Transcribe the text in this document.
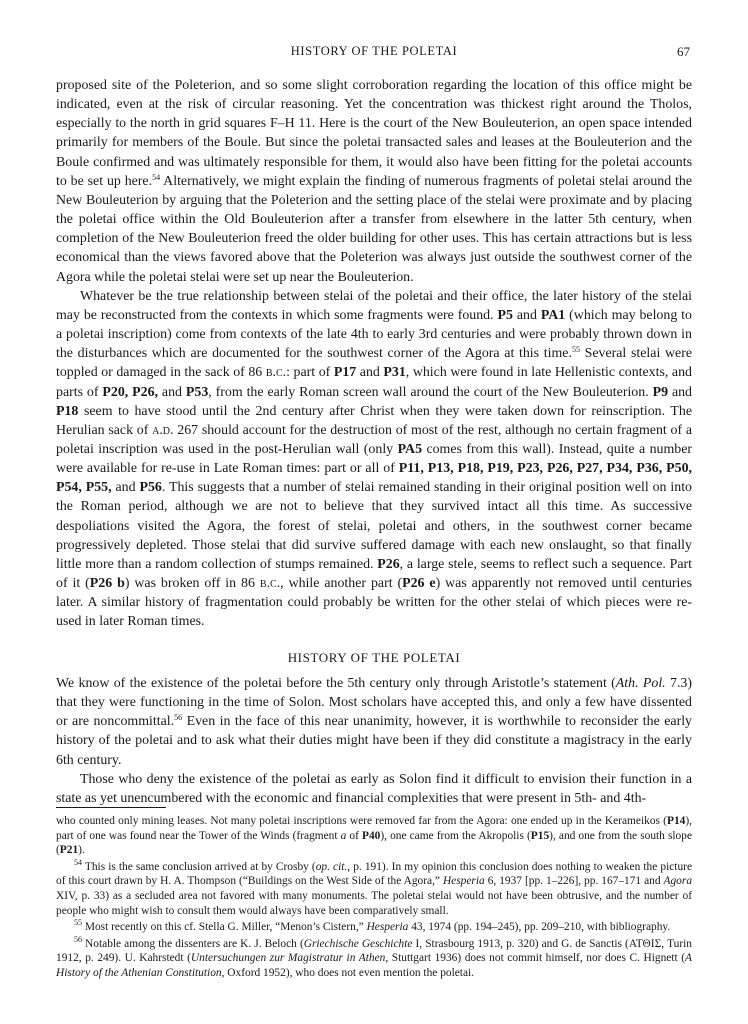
HISTORY OF THE POLETAI	67

proposed site of the Poleterion, and so some slight corroboration regarding the location of this office might be indicated, even at the risk of circular reasoning. Yet the concentration was thickest right around the Tholos, especially to the north in grid squares F–H 11. Here is the court of the New Bouleuterion, an open space intended primarily for members of the Boule. But since the poletai transacted sales and leases at the Bouleuterion and the Boule confirmed and was ultimately responsible for them, it would also have been fitting for the poletai accounts to be set up here.$^{54}$ Alternatively, we might explain the finding of numerous fragments of poletai stelai around the New Bouleuterion by arguing that the Poleterion and the setting place of the stelai were proximate and by placing the poletai office within the Old Bouleuterion after a transfer from elsewhere in the latter 5th century, when completion of the New Bouleuterion freed the older building for other uses. This has certain attractions but is less economical than the views favored above that the Poleterion was always just outside the southwest corner of the Agora while the poletai stelai were set up near the Bouleuterion.

Whatever be the true relationship between stelai of the poletai and their office, the later history of the stelai may be reconstructed from the contexts in which some fragments were found. P5 and PA1 (which may belong to a poletai inscription) come from contexts of the late 4th to early 3rd centuries and were probably thrown down in the disturbances which are documented for the southwest corner of the Agora at this time.$^{55}$ Several stelai were toppled or damaged in the sack of 86 b.c.: part of P17 and P31, which were found in late Hellenistic contexts, and parts of P20, P26, and P53, from the early Roman screen wall around the court of the New Bouleuterion. P9 and P18 seem to have stood until the 2nd century after Christ when they were taken down for reinscription. The Herulian sack of a.d. 267 should account for the destruction of most of the rest, although no certain fragment of a poletai inscription was used in the post-Herulian wall (only PA5 comes from this wall). Instead, quite a number were available for re-use in Late Roman times: part or all of P11, P13, P18, P19, P23, P26, P27, P34, P36, P50, P54, P55, and P56. This suggests that a number of stelai remained standing in their original position well on into the Roman period, although we are not to believe that they survived intact all this time. As successive despoliations visited the Agora, the forest of stelai, poletai and others, in the southwest corner became progressively depleted. Those stelai that did survive suffered damage with each new onslaught, so that finally little more than a random collection of stumps remained. P26, a large stele, seems to reflect such a sequence. Part of it (P26 b) was broken off in 86 b.c., while another part (P26 e) was apparently not removed until centuries later. A similar history of fragmentation could probably be written for the other stelai of which pieces were re-used in later Roman times.

HISTORY OF THE POLETAI

We know of the existence of the poletai before the 5th century only through Aristotle’s statement (Ath. Pol. 7.3) that they were functioning in the time of Solon. Most scholars have accepted this, and only a few have dissented or are noncommittal.$^{56}$ Even in the face of this near unanimity, however, it is worthwhile to reconsider the early history of the poletai and to ask what their duties might have been if they did constitute a magistracy in the early 6th century.

Those who deny the existence of the poletai as early as Solon find it difficult to envision their function in a state as yet unencumbered with the economic and financial complexities that were present in 5th- and 4th-

who counted only mining leases. Not many poletai inscriptions were removed far from the Agora: one ended up in the Kerameikos (P14), part of one was found near the Tower of the Winds (fragment a of P40), one came from the Akropolis (P15), and one from the south slope (P21).

$^{54}$ This is the same conclusion arrived at by Crosby (op. cit., p. 191). In my opinion this conclusion does nothing to weaken the picture of this court drawn by H. A. Thompson (“Buildings on the West Side of the Agora,” Hesperia 6, 1937 [pp. 1–226], pp. 167–171 and Agora XIV, p. 33) as a secluded area not favored with many monuments. The poletai stelai would not have been obtrusive, and the number of people who might wish to consult them would always have been comparatively small.

$^{55}$ Most recently on this cf. Stella G. Miller, “Menon’s Cistern,” Hesperia 43, 1974 (pp. 194–245), pp. 209–210, with bibliography.

$^{56}$ Notable among the dissenters are K. J. Beloch (Griechische Geschichte I, Strasbourg 1913, p. 320) and G. de Sanctis (ΑΤΘΙΣ, Turin 1912, p. 249). U. Kahrstedt (Untersuchungen zur Magistratur in Athen, Stuttgart 1936) does not commit himself, nor does C. Hignett (A History of the Athenian Constitution, Oxford 1952), who does not even mention the poletai.
